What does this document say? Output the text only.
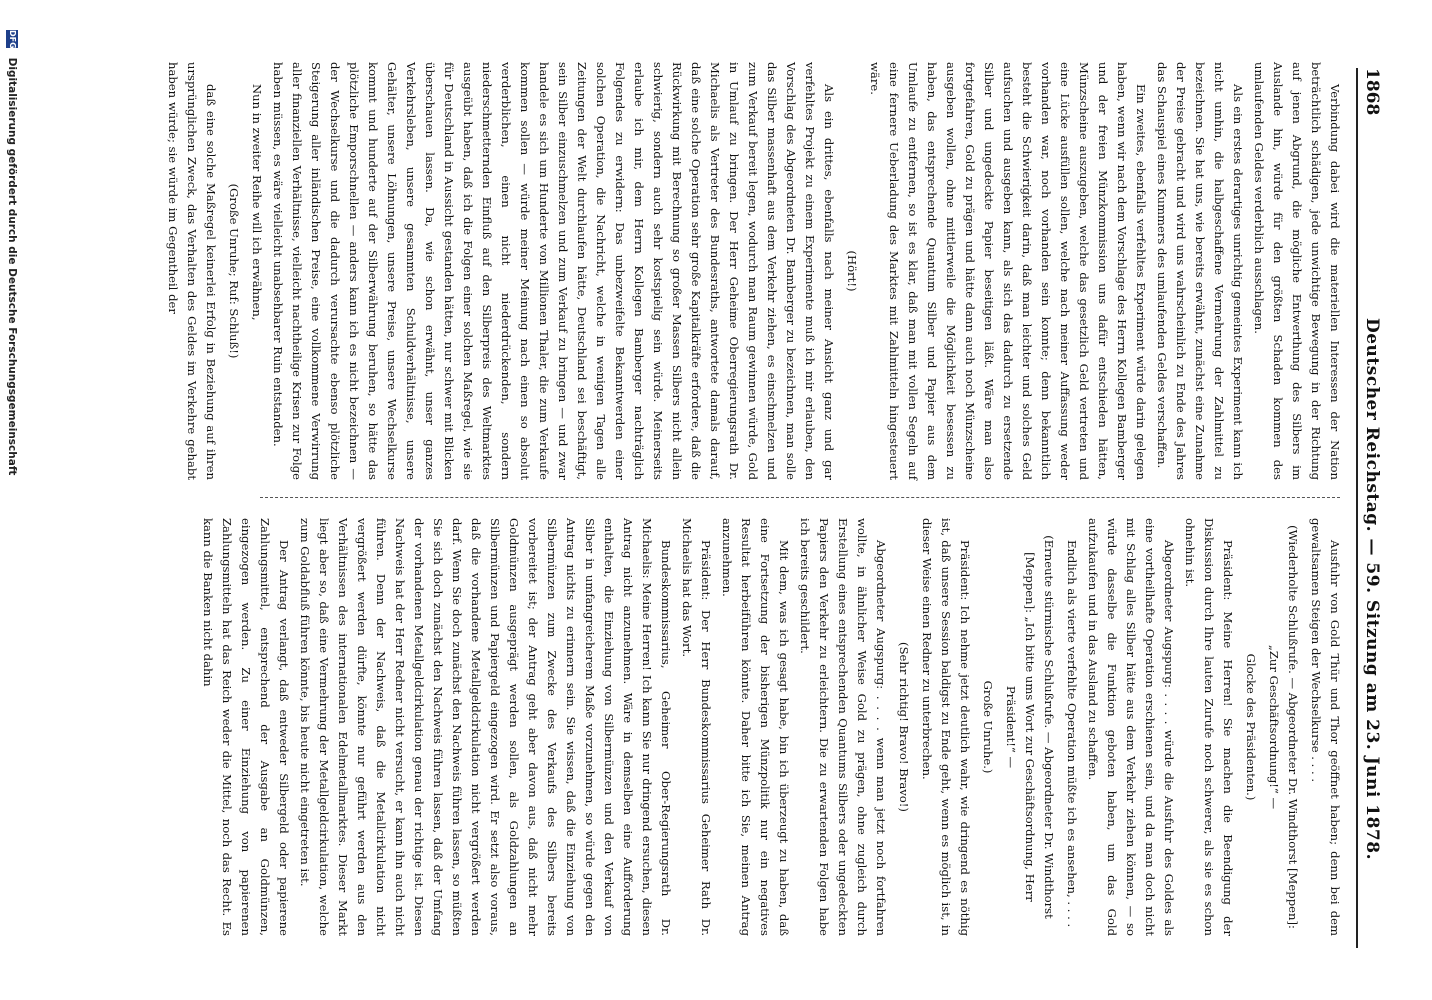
1868
Deutscher Reichstag. — 59. Sitzung am 23. Juni 1878.

Verbindung dabei wird die materiellen Interessen der Nation beträchtlich schädigen, jede unwichtige Bewegung in der Richtung auf jenen Abgrund, die mögliche Entwerthung des Silbers im Auslande hin, würde für den größten Schaden kommen des umlaufenden Geldes verderblich ausschlagen.

Als ein erstes derartiges unrichtig gemeintes Experiment kann ich nicht umhin, die halbgeschaffene Vermehrung der Zahlmittel zu bezeichnen. Sie hat uns, wie bereits erwähnt, zunächst eine Zunahme der Preise gebracht und wird uns wahrscheinlich zu Ende des Jahres das Schauspiel eines Kummers des umlaufenden Geldes verschaffen.

Ein zweites, ebenfalls verfehltes Experiment würde darin gelegen haben, wenn wir nach dem Vorschlage des Herrn Kollegen Bamberger und der freien Münzkommission uns dafür entschieden hätten, Münzscheine auszugeben, welche das gesetzlich Geld vertreten und eine Lücke ausfüllen sollen, welche nach meiner Auffassung weder vorhanden war, noch vorhanden sein konnte; denn bekanntlich besteht die Schwierigkeit darin, daß man leichter und solches Geld aufsuchen und ausgeben kann, als sich das dadurch zu ersetzende Silber und ungedeckte Papier beseitigen läßt. Wäre man also fortgefahren, Gold zu prägen und hätte dann auch noch Münzscheine ausgeben wollen, ohne mittlerweile die Möglichkeit besessen zu haben, das entsprechende Quantum Silber und Papier aus dem Umlaufe zu entfernen, so ist es klar, daß man mit vollen Segeln auf eine fernere Ueberladung des Marktes mit Zahlmitteln hingesteuert wäre.

(Hört!)

Als ein drittes, ebenfalls nach meiner Ansicht ganz und gar verfehltes Projekt zu einem Experimente muß ich mir erlauben, den Vorschlag des Abgeordneten Dr. Bamberger zu bezeichnen, man solle das Silber massenhaft aus dem Verkehr ziehen, es einschmelzen und zum Verkauf bereit legen, wodurch man Raum gewinnen würde, Gold in Umlauf zu bringen. Der Herr Geheime Oberregierungsrath Dr. Michaelis als Vertreter des Bundesraths, antwortete damals darauf, daß eine solche Operation sehr große Kapitalkräfte erfordere, daß die Rückwirkung mit Berechnung so großer Massen Silbers nicht allein schwierig, sondern auch sehr kostspielig sein würde. Meinerseits erlaube ich mir, dem Herrn Kollegen Bamberger nachträglich Folgendes zu erwidern: Das unbezweifelte Bekanntwerden einer solchen Operation, die Nachricht, welche in wenigen Tagen alle Zeitungen der Welt durchlaufen hätte, Deutschland sei beschäftigt, sein Silber einzuschmelzen und zum Verkauf zu bringen — und zwar handele es sich um Hunderte von Millionen Thaler, die zum Verkaufe kommen sollen — würde meiner Meinung nach einen so absolut verderblichen, einen nicht niederdrückenden, sondern niederschmetternden Einfluß auf den Silberpreis des Weltmarktes ausgeübt haben, daß ich die Folgen einer solchen Maßregel, wie sie für Deutschland in Aussicht gestanden hätten, nur schwer mit Blicken überschauen lassen. Da, wie schon erwähnt, unser ganzes Verkehrsleben, unsere gesammten Schuldverhältnisse, unsere Gehälter, unsere Löhnungen, unsere Preise, unsere Wechselkurse kommt und hunderte auf der Silberwährung beruhen, so hätte das plötzliche Emporschnellen — anders kann ich es nicht bezeichnen — der Wechselkurse und die dadurch verursachte ebenso plötzliche Steigerung aller inländischen Preise, eine vollkommene Verwirrung aller finanziellen Verhältnisse, vielleicht nachtheilige Krisen zur Folge haben müssen, es wäre vielleicht unabsehbarer Ruin entstanden.

Nun in zweiter Reihe will ich erwähnen,

(Große Unruhe; Ruf: Schluß!)

daß eine solche Maßregel keinerlei Erfolg in Beziehung auf ihren ursprünglichen Zweck, das Verhalten des Geldes im Verkehre gehabt haben würde; sie würde im Gegentheil der

Ausfuhr von Gold Thür und Thor geöffnet haben; denn bei dem gewaltsamen Steigen der Wechselkurse . . . .

(Wiederholte Schlußrufe. — Abgeordneter Dr. Windthorst [Meppen]: „Zur Geschäftsordnung!“ —

Glocke des Präsidenten.)

Präsident: Meine Herren! Sie machen die Beendigung der Diskussion durch Ihre lauten Zurufe noch schwerer, als sie es schon ohnehin ist.

Abgeordneter Augspurg: . . . . würde die Ausfuhr des Goldes als eine vortheilhafte Operation erschienen sein, und da man doch nicht mit Schlag alles Silber hätte aus dem Verkehr ziehen können, — so würde dasselbe die Funktion geboten haben, um das Gold aufzukaufen und in das Ausland zu schaffen.

Endlich als vierte verfehlte Operation müßte ich es ansehen, . . . .

(Erneute stürmische Schlußrufe. — Abgeordneter Dr. Windthorst [Meppen]: „Ich bitte ums Wort zur Geschäftsordnung, Herr Präsident!“ —

Große Unruhe.)

Präsident: Ich nehme jetzt deutlich wahr, wie dringend es nöthig ist, daß unsere Session baldigst zu Ende geht, wenn es möglich ist, in dieser Weise einen Redner zu unterbrechen.

(Sehr richtig! Bravo! Bravo!)

Abgeordneter Augspurg: . . . . wenn man jetzt noch fortfahren wollte, in ähnlicher Weise Gold zu prägen, ohne zugleich durch Erstellung eines entsprechenden Quantums Silbers oder ungedeckten Papiers den Verkehr zu erleichtern. Die zu erwartenden Folgen habe ich bereits geschildert.

Mit dem, was ich gesagt habe, bin ich überzeugt zu haben, daß eine Fortsetzung der bisherigen Münzpolitik nur ein negatives Resultat herbeiführen könnte. Daher bitte ich Sie, meinen Antrag anzunehmen.

Präsident: Der Herr Bundeskommissarius Geheimer Rath Dr. Michaelis hat das Wort.

Bundeskommissarius, Geheimer Ober-Regierungsrath Dr. Michaelis: Meine Herren! Ich kann Sie nur dringend ersuchen, diesen Antrag nicht anzunehmen. Wäre in demselben eine Aufforderung enthalten, die Einziehung von Silbermünzen und den Verkauf von Silber in umfangreicherem Maße vorzunehmen, so würde gegen den Antrag nichts zu erinnern sein. Sie wissen, daß die Einziehung von Silbermünzen zum Zwecke des Verkaufs des Silbers bereits vorbereitet ist; der Antrag geht aber davon aus, daß nicht mehr Goldmünzen ausgeprägt werden sollen, als Goldzahlungen an Silbermünzen und Papiergeld eingezogen wird. Er setzt also voraus, daß die vorhandene Metallgeldcirkulation nicht vergrößert werden darf. Wenn Sie doch zunächst den Nachweis führen lassen, so müßten Sie sich doch zunächst den Nachweis führen lassen, daß der Umfang der vorhandenen Metallgeldcirkulation genau der richtige ist. Diesen Nachweis hat der Herr Redner nicht versucht, er kann ihn auch nicht führen. Denn der Nachweis, daß die Metallcirkulation nicht vergrößert werden dürfte, könnte nur geführt werden aus den Verhältnissen des internationalen Edelmetallmarktes. Dieser Markt liegt aber so, daß eine Vermehrung der Metallgeldcirkulation, welche zum Goldabfluß führen könnte, bis heute nicht eingetreten ist.

Der Antrag verlangt, daß entweder Silbergeld oder papierene Zahlungsmittel, entsprechend der Ausgabe an Goldmünzen, eingezogen werden. Zu einer Einziehung von papierenen Zahlungsmitteln hat das Reich weder die Mittel, noch das Recht. Es kann die Banken nicht dahin

DFG Digitalisierung gefördert durch die Deutsche Forschungsgemeinschaft
